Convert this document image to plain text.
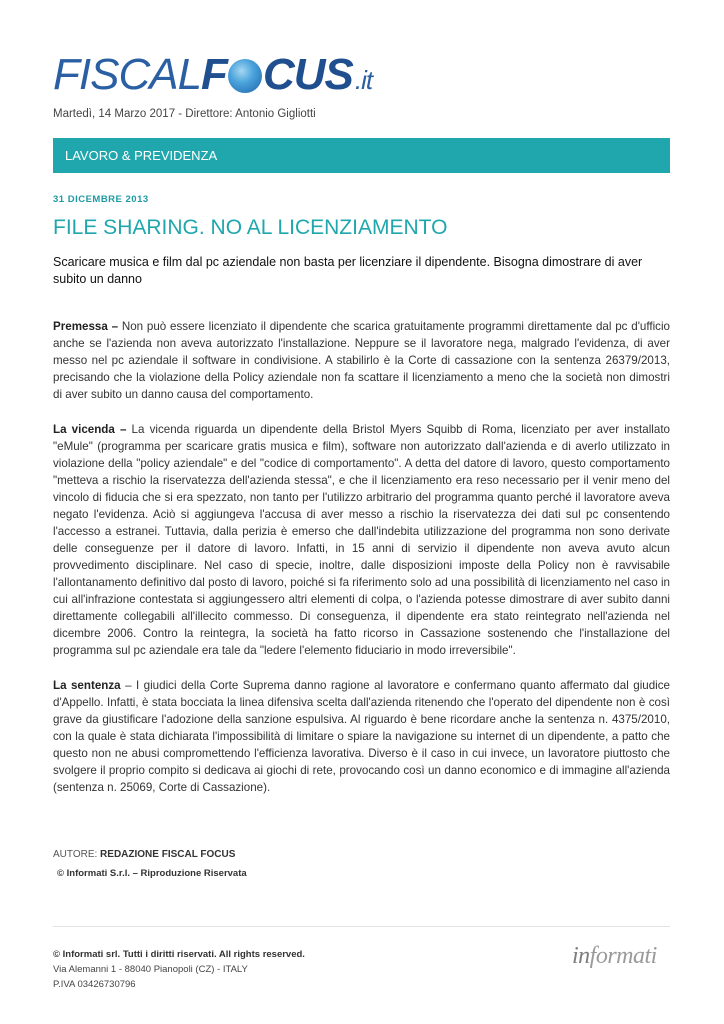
FISCAL F CUS .it
Martedì, 14 Marzo 2017 - Direttore: Antonio Gigliotti
LAVORO & PREVIDENZA
31 DICEMBRE 2013
FILE SHARING. NO AL LICENZIAMENTO

Scaricare musica e film dal pc aziendale non basta per licenziare il dipendente. Bisogna dimostrare di aver subito un danno

Premessa – Non può essere licenziato il dipendente che scarica gratuitamente programmi direttamente dal pc d'ufficio anche se l'azienda non aveva autorizzato l'installazione. Neppure se il lavoratore nega, malgrado l'evidenza, di aver messo nel pc aziendale il software in condivisione. A stabilirlo è la Corte di cassazione con la sentenza 26379/2013, precisando che la violazione della Policy aziendale non fa scattare il licenziamento a meno che la società non dimostri di aver subito un danno causa del comportamento.

La vicenda – La vicenda riguarda un dipendente della Bristol Myers Squibb di Roma, licenziato per aver installato "eMule" (programma per scaricare gratis musica e film), software non autorizzato dall'azienda e di averlo utilizzato in violazione della "policy aziendale" e del "codice di comportamento". A detta del datore di lavoro, questo comportamento "metteva a rischio la riservatezza dell'azienda stessa", e che il licenziamento era reso necessario per il venir meno del vincolo di fiducia che si era spezzato, non tanto per l'utilizzo arbitrario del programma quanto perché il lavoratore aveva negato l'evidenza. Aciò si aggiungeva l'accusa di aver messo a rischio la riservatezza dei dati sul pc consentendo l'accesso a estranei. Tuttavia, dalla perizia è emerso che dall'indebita utilizzazione del programma non sono derivate delle conseguenze per il datore di lavoro. Infatti, in 15 anni di servizio il dipendente non aveva avuto alcun provvedimento disciplinare. Nel caso di specie, inoltre, dalle disposizioni imposte della Policy non è ravvisabile l'allontanamento definitivo dal posto di lavoro, poiché si fa riferimento solo ad una possibilità di licenziamento nel caso in cui all'infrazione contestata si aggiungessero altri elementi di colpa, o l'azienda potesse dimostrare di aver subito danni direttamente collegabili all'illecito commesso. Di conseguenza, il dipendente era stato reintegrato nell'azienda nel dicembre 2006. Contro la reintegra, la società ha fatto ricorso in Cassazione sostenendo che l'installazione del programma sul pc aziendale era tale da "ledere l'elemento fiduciario in modo irreversibile".

La sentenza – I giudici della Corte Suprema danno ragione al lavoratore e confermano quanto affermato dal giudice d'Appello. Infatti, è stata bocciata la linea difensiva scelta dall'azienda ritenendo che l'operato del dipendente non è così grave da giustificare l'adozione della sanzione espulsiva. Al riguardo è bene ricordare anche la sentenza n. 4375/2010, con la quale è stata dichiarata l'impossibilità di limitare o spiare la navigazione su internet di un dipendente, a patto che questo non ne abusi compromettendo l'efficienza lavorativa. Diverso è il caso in cui invece, un lavoratore piuttosto che svolgere il proprio compito si dedicava ai giochi di rete, provocando così un danno economico e di immagine all'azienda (sentenza n. 25069, Corte di Cassazione).

AUTORE: REDAZIONE FISCAL FOCUS
© Informati S.r.l. – Riproduzione Riservata
© Informati srl. Tutti i diritti riservati. All rights reserved.
Via Alemanni 1 - 88040 Pianopoli (CZ) - ITALY
P.IVA 03426730796
informati
